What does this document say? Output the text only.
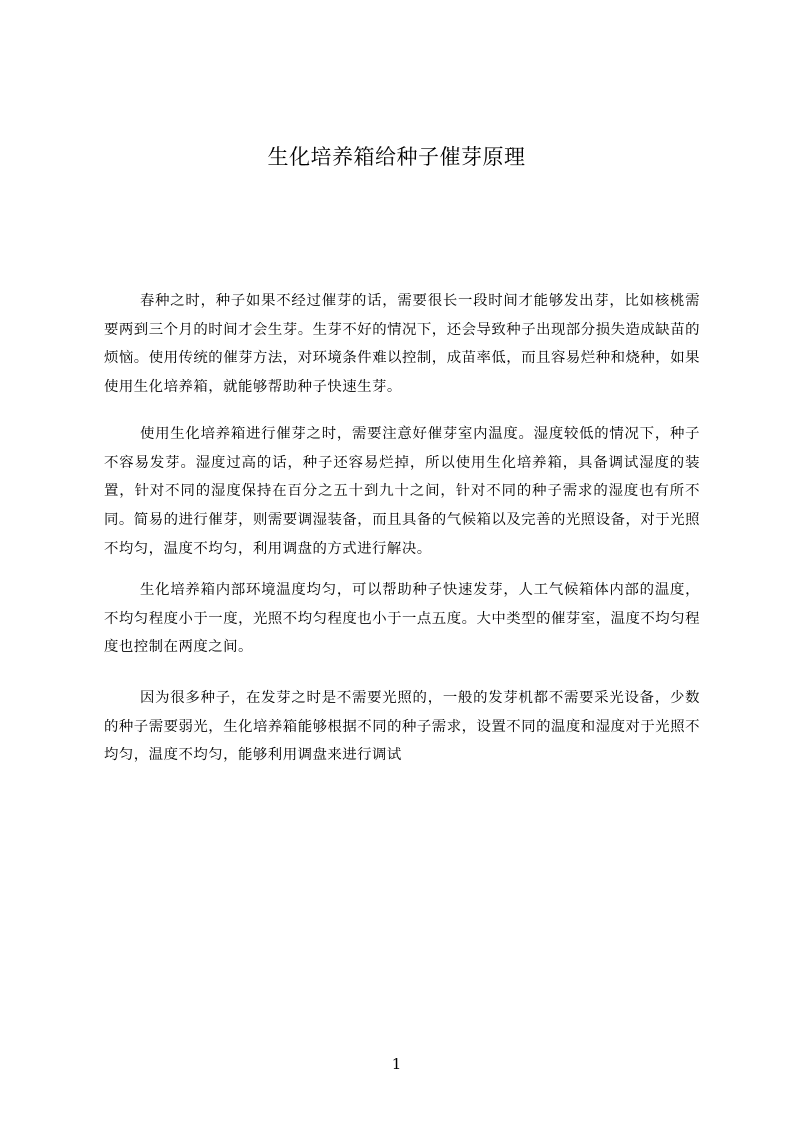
生化培养箱给种子催芽原理

春种之时，种子如果不经过催芽的话，需要很长一段时间才能够发出芽，比如核桃需要两到三个月的时间才会生芽。生芽不好的情况下，还会导致种子出现部分损失造成缺苗的烦恼。使用传统的催芽方法，对环境条件难以控制，成苗率低，而且容易烂种和烧种，如果使用生化培养箱，就能够帮助种子快速生芽。

使用生化培养箱进行催芽之时，需要注意好催芽室内温度。湿度较低的情况下，种子不容易发芽。湿度过高的话，种子还容易烂掉，所以使用生化培养箱，具备调试湿度的装置，针对不同的湿度保持在百分之五十到九十之间，针对不同的种子需求的湿度也有所不同。简易的进行催芽，则需要调湿装备，而且具备的气候箱以及完善的光照设备，对于光照不均匀，温度不均匀，利用调盘的方式进行解决。

生化培养箱内部环境温度均匀，可以帮助种子快速发芽，人工气候箱体内部的温度，不均匀程度小于一度，光照不均匀程度也小于一点五度。大中类型的催芽室，温度不均匀程度也控制在两度之间。

因为很多种子，在发芽之时是不需要光照的，一般的发芽机都不需要采光设备，少数的种子需要弱光，生化培养箱能够根据不同的种子需求，设置不同的温度和湿度对于光照不均匀，温度不均匀，能够利用调盘来进行调试

1
